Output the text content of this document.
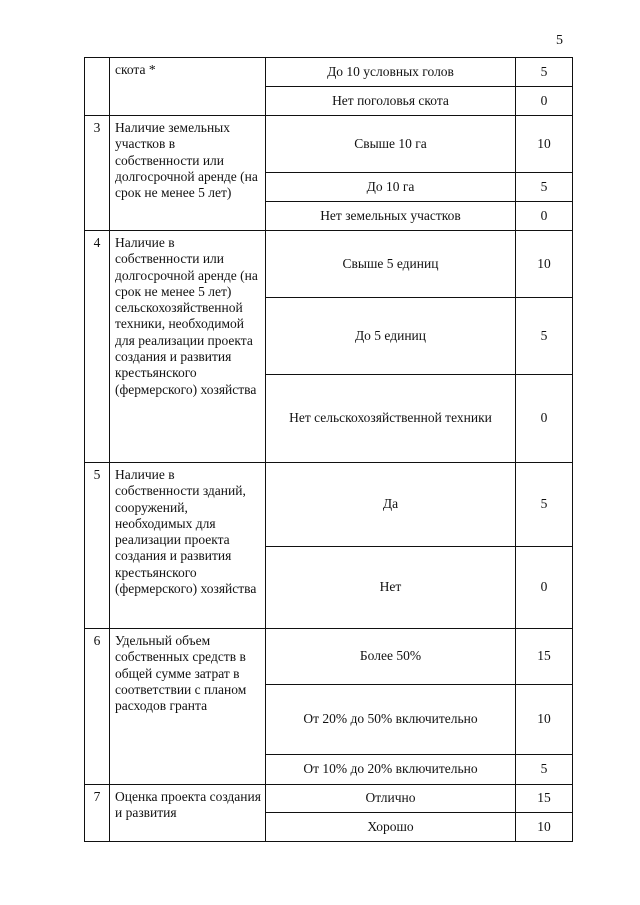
5
	скота *	До 10 условных голов	5
		Нет поголовья скота	0
3	Наличие земельных участков в собственности или долгосрочной аренде (на срок не менее 5 лет)	Свыше 10 га	10
		До 10 га	5
		Нет земельных участков	0
4	Наличие в собственности или долгосрочной аренде (на срок не менее 5 лет) сельскохозяйственной техники, необходимой для реализации проекта создания и развития крестьянского (фермерского) хозяйства	Свыше 5 единиц	10
		До 5 единиц	5
		Нет сельскохозяйственной техники	0
5	Наличие в собственности зданий, сооружений, необходимых для реализации проекта создания и развития крестьянского (фермерского) хозяйства	Да	5
		Нет	0
6	Удельный объем собственных средств в общей сумме затрат в соответствии с планом расходов гранта	Более 50%	15
		От 20% до 50% включительно	10
		От 10% до 20% включительно	5
7	Оценка проекта создания и развития	Отлично	15
		Хорошо	10
